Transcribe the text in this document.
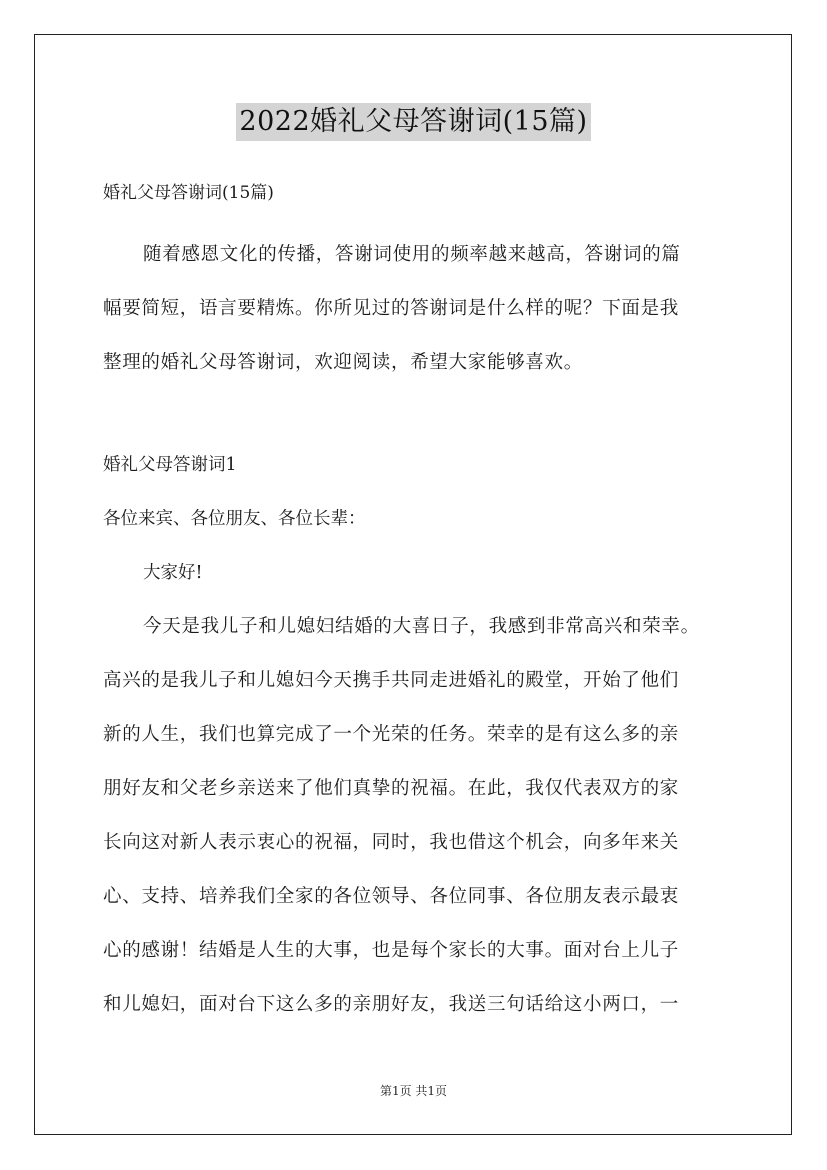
2022婚礼父母答谢词(15篇)
婚礼父母答谢词(15篇)
随着感恩文化的传播，答谢词使用的频率越来越高，答谢词的篇
幅要简短，语言要精炼。你所见过的答谢词是什么样的呢？下面是我
整理的婚礼父母答谢词，欢迎阅读，希望大家能够喜欢。
婚礼父母答谢词1
各位来宾、各位朋友、各位长辈：
大家好!
今天是我儿子和儿媳妇结婚的大喜日子，我感到非常高兴和荣幸。
高兴的是我儿子和儿媳妇今天携手共同走进婚礼的殿堂，开始了他们
新的人生，我们也算完成了一个光荣的任务。荣幸的是有这么多的亲
朋好友和父老乡亲送来了他们真挚的祝福。在此，我仅代表双方的家
长向这对新人表示衷心的祝福，同时，我也借这个机会，向多年来关
心、支持、培养我们全家的各位领导、各位同事、各位朋友表示最衷
心的感谢！结婚是人生的大事，也是每个家长的大事。面对台上儿子
和儿媳妇，面对台下这么多的亲朋好友，我送三句话给这小两口，一
第1页 共1页
